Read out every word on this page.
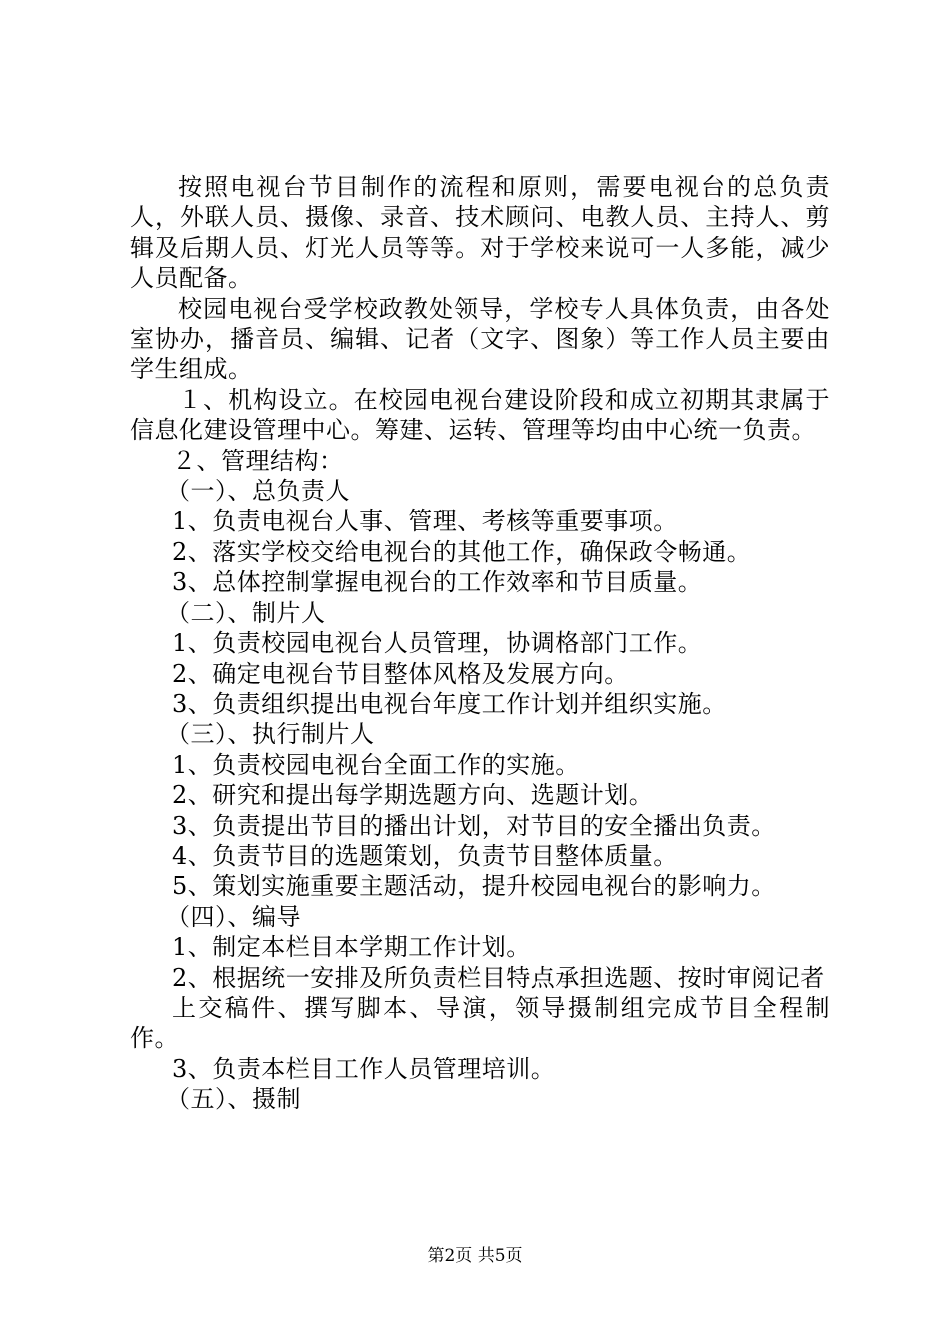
按照电视台节目制作的流程和原则，需要电视台的总负责人，外联人员、摄像、录音、技术顾问、电教人员、主持人、剪辑及后期人员、灯光人员等等。对于学校来说可一人多能，减少人员配备。

校园电视台受学校政教处领导，学校专人具体负责，由各处室协办，播音员、编辑、记者（文字、图象）等工作人员主要由学生组成。

１、机构设立。在校园电视台建设阶段和成立初期其隶属于信息化建设管理中心。筹建、运转、管理等均由中心统一负责。

２、管理结构：

（一）、总负责人

1、负责电视台人事、管理、考核等重要事项。

2、落实学校交给电视台的其他工作，确保政令畅通。

3、总体控制掌握电视台的工作效率和节目质量。

（二）、制片人

1、负责校园电视台人员管理，协调格部门工作。

2、确定电视台节目整体风格及发展方向。

3、负责组织提出电视台年度工作计划并组织实施。

（三）、执行制片人

1、负责校园电视台全面工作的实施。

2、研究和提出每学期选题方向、选题计划。

3、负责提出节目的播出计划，对节目的安全播出负责。

4、负责节目的选题策划，负责节目整体质量。

5、策划实施重要主题活动，提升校园电视台的影响力。

（四）、编导

1、制定本栏目本学期工作计划。

2、根据统一安排及所负责栏目特点承担选题、按时审阅记者

上交稿件、撰写脚本、导演，领导摄制组完成节目全程制作。

3、负责本栏目工作人员管理培训。

（五）、摄制

第2页 共5页
